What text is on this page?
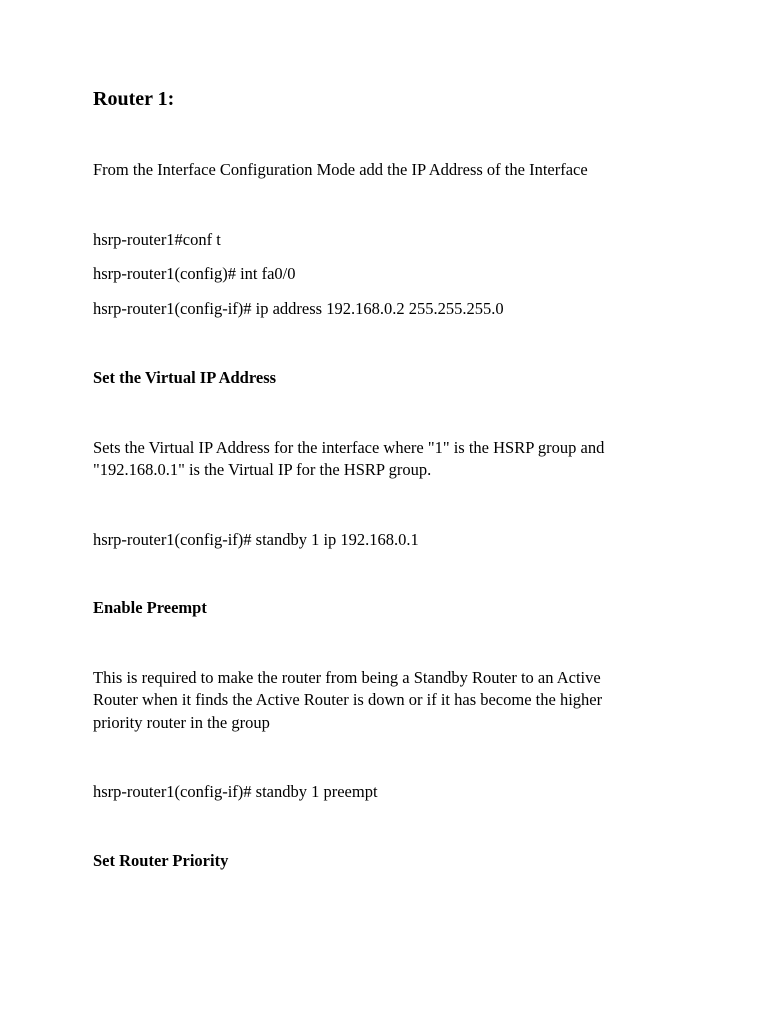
Router 1:
From the Interface Configuration Mode add the IP Address of the Interface
hsrp-router1#conf t
hsrp-router1(config)# int fa0/0
hsrp-router1(config-if)# ip address 192.168.0.2 255.255.255.0
Set the Virtual IP Address
Sets the Virtual IP Address for the interface where "1" is the HSRP group and
"192.168.0.1" is the Virtual IP for the HSRP group.
hsrp-router1(config-if)# standby 1 ip 192.168.0.1
Enable Preempt
This is required to make the router from being a Standby Router to an Active
Router when it finds the Active Router is down or if it has become the higher
priority router in the group
hsrp-router1(config-if)# standby 1 preempt
Set Router Priority
